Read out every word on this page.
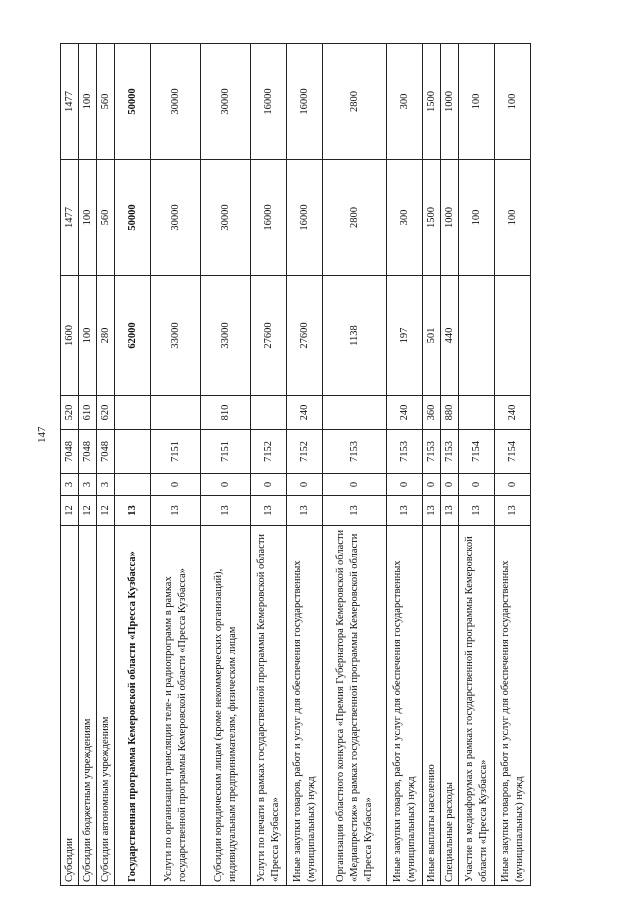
147
Субсидии	12	3	7048	520	1600	1477	1477
Субсидии бюджетным учреждениям	12	3	7048	610	100	100	100
Субсидии автономным учреждениям	12	3	7048	620	280	560	560
Государственная программа Кемеровской области «Пресса Кузбасса»	13				62000	50000	50000
Услуги по организации трансляции теле- и радиопрограмм в рамках государственной программы Кемеровской области «Пресса Кузбасса»	13	0	7151		33000	30000	30000
Субсидии юридическим лицам (кроме некоммерческих организаций), индивидуальным предпринимателям, физическим лицам	13	0	7151	810	33000	30000	30000
Услуги по печати в рамках государственной программы Кемеровской области «Пресса Кузбасса»	13	0	7152		27600	16000	16000
Иные закупки товаров, работ и услуг для обеспечения государственных (муниципальных) нужд	13	0	7152	240	27600	16000	16000
Организация областного конкурса «Премия Губернатора Кемеровской области «Медиапрестиж» в рамках государственной программы Кемеровской области «Пресса Кузбасса»	13	0	7153		1138	2800	2800
Иные закупки товаров, работ и услуг для обеспечения государственных (муниципальных) нужд	13	0	7153	240	197	300	300
Иные выплаты населению	13	0	7153	360	501	1500	1500
Специальные расходы	13	0	7153	880	440	1000	1000
Участие в медиафорумах в рамках государственной программы Кемеровской области «Пресса Кузбасса»	13	0	7154			100	100
Иные закупки товаров, работ и услуг для обеспечения государственных (муниципальных) нужд	13	0	7154	240		100	100
